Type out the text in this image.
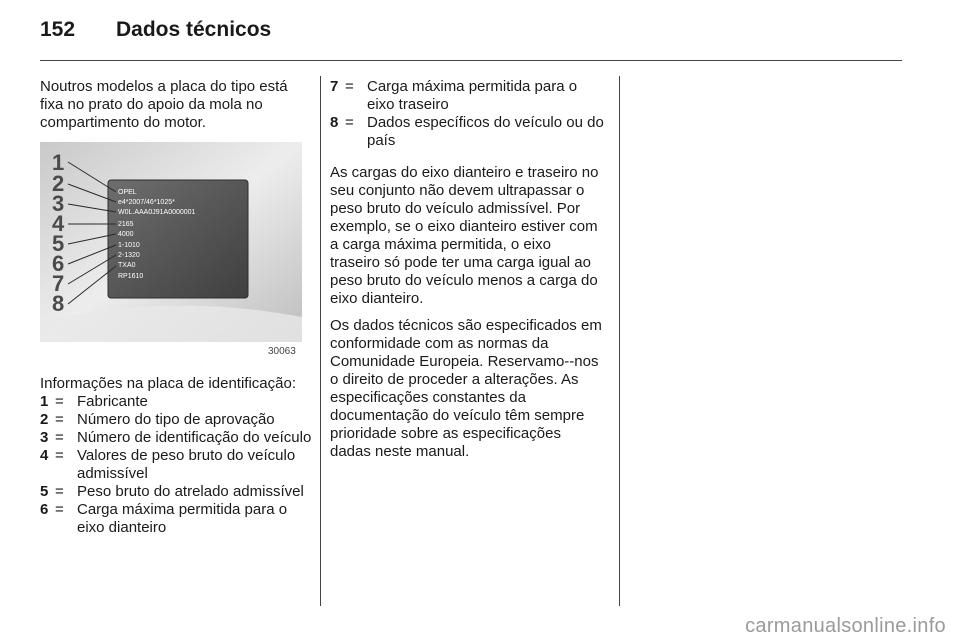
152 Dados técnicos

Noutros modelos a placa do tipo está fixa no prato do apoio da mola no compartimento do motor.

OPEL
e4*2007/46*1025*
W0L.AAA0J91A0000001
2165
4000
1-1010
2-1320
TXA0
RP1610
1
2
3
4
5
6
7
8
30063

Informações na placa de identificação:

1 = Fabricante
2 = Número do tipo de aprovação
3 = Número de identificação do veículo
4 = Valores de peso bruto do veículo admissível
5 = Peso bruto do atrelado admissível
6 = Carga máxima permitida para o eixo dianteiro
7 = Carga máxima permitida para o eixo traseiro
8 = Dados específicos do veículo ou do país

As cargas do eixo dianteiro e traseiro no seu conjunto não devem ultrapassar o peso bruto do veículo admissível. Por exemplo, se o eixo dianteiro estiver com a carga máxima permitida, o eixo traseiro só pode ter uma carga igual ao peso bruto do veículo menos a carga do eixo dianteiro.

Os dados técnicos são especificados em conformidade com as normas da Comunidade Europeia. Reservamo--nos o direito de proceder a alterações. As especificações constantes da documentação do veículo têm sempre prioridade sobre as especificações dadas neste manual.

carmanualsonline.info
